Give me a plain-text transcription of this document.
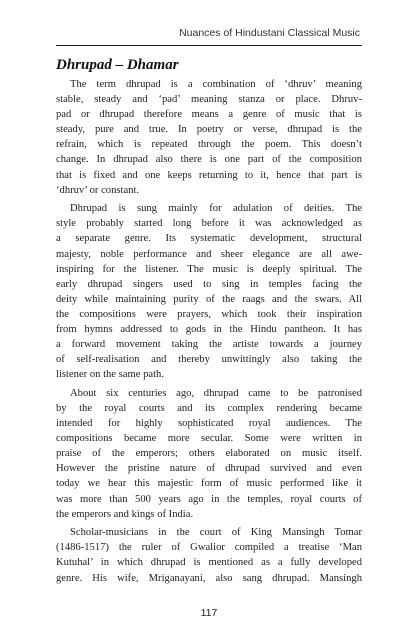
Nuances of Hindustani Classical Music
Dhrupad – Dhamar

The term dhrupad is a combination of ‘dhruv’ meaning
stable, steady and ‘pad’ meaning stanza or place. Dhruv-
pad or dhrupad therefore means a genre of music that is
steady, pure and true. In poetry or verse, dhrupad is the
refrain, which is repeated through the poem. This doesn’t
change. In dhrupad also there is one part of the composition
that is fixed and one keeps returning to it, hence that part is
‘dhruv’ or constant.

Dhrupad is sung mainly for adulation of deities. The
style probably started long before it was acknowledged as
a separate genre. Its systematic development, structural
majesty, noble performance and sheer elegance are all awe-
inspiring for the listener. The music is deeply spiritual. The
early dhrupad singers used to sing in temples facing the
deity while maintaining purity of the raags and the swars. All
the compositions were prayers, which took their inspiration
from hymns addressed to gods in the Hindu pantheon. It has
a forward movement taking the artiste towards a journey
of self-realisation and thereby unwittingly also taking the
listener on the same path.

About six centuries ago, dhrupad came to be patronised
by the royal courts and its complex rendering became
intended for highly sophisticated royal audiences. The
compositions became more secular. Some were written in
praise of the emperors; others elaborated on music itself.
However the pristine nature of dhrupad survived and even
today we hear this majestic form of music performed like it
was more than 500 years ago in the temples, royal courts of
the emperors and kings of India.

Scholar-musicians in the court of King Mansingh Tomar
(1486-1517) the ruler of Gwalior compiled a treatise ‘Man
Kutuhal’ in which dhrupad is mentioned as a fully developed
genre. His wife, Mriganayani, also sang dhrupad. Mansingh

117
